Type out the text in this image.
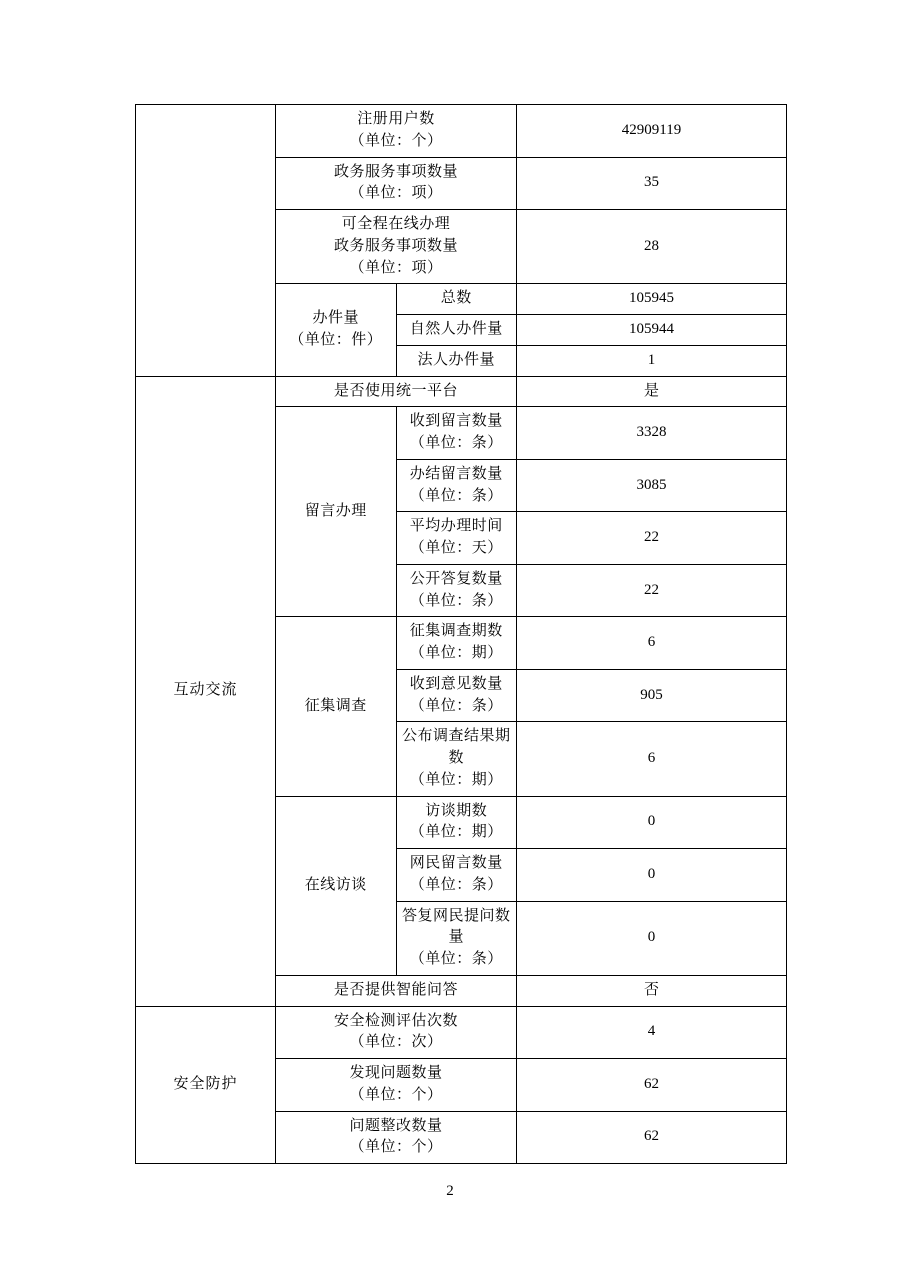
	注册用户数
（单位：个）		42909119

	政务服务事项数量
（单位：项）		35

	可全程在线办理
政务服务事项数量
（单位：项）		28

	办件量
（单位：件）	总数	105945
		自然人办件量	105944
		法人办件量	1
互动交流	是否使用统一平台		是
	留言办理	收到留言数量
（单位：条）	3328

		办结留言数量
（单位：条）	3085

		平均办理时间
（单位：天）	22

		公开答复数量
（单位：条）	22
	征集调查	征集调查期数
（单位：期）	6

		收到意见数量
（单位：条）	905

		公布调查结果期数
（单位：期）	6
	在线访谈	访谈期数
（单位：期）	0

		网民留言数量
（单位：条）	0

		答复网民提问数量
（单位：条）	0
	是否提供智能问答		否
安全防护	安全检测评估次数
（单位：次）		4

	发现问题数量
（单位：个）		62

	问题整改数量
（单位：个）		62
2
